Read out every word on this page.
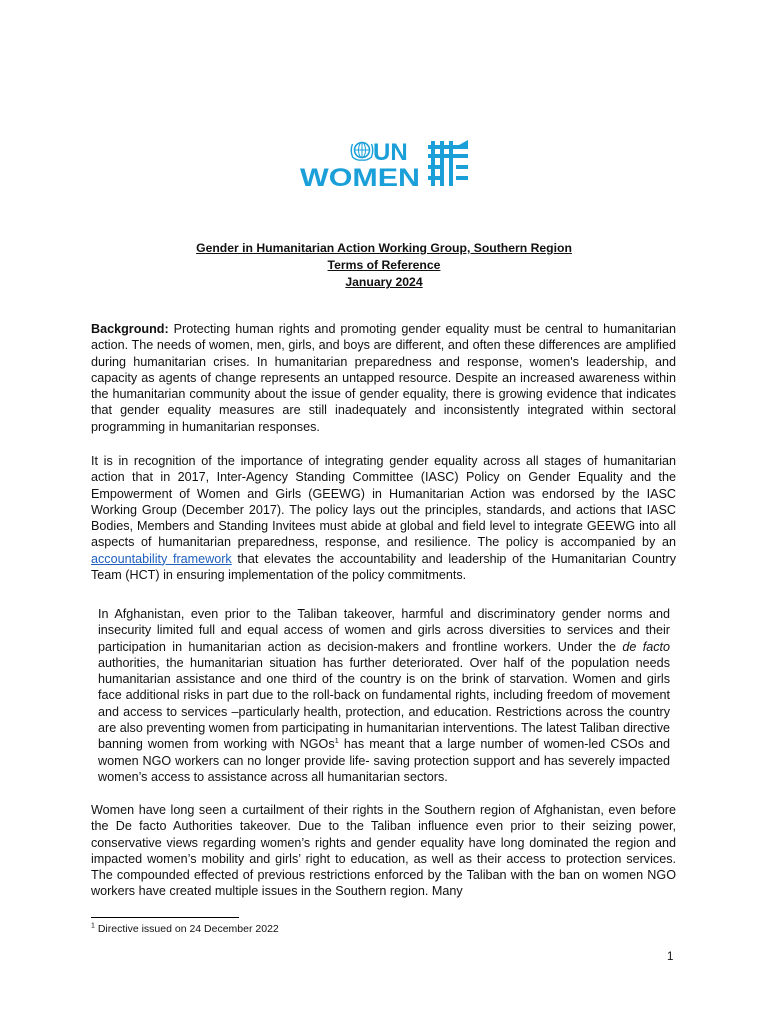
UN
WOMEN

Gender in Humanitarian Action Working Group, Southern Region

Terms of Reference

January 2024

Background: Protecting human rights and promoting gender equality must be central to humanitarian action. The needs of women, men, girls, and boys are different, and often these differences are amplified during humanitarian crises. In humanitarian preparedness and response, women's leadership, and capacity as agents of change represents an untapped resource. Despite an increased awareness within the humanitarian community about the issue of gender equality, there is growing evidence that indicates that gender equality measures are still inadequately and inconsistently integrated within sectoral programming in humanitarian responses.

It is in recognition of the importance of integrating gender equality across all stages of humanitarian action that in 2017, Inter-Agency Standing Committee (IASC) Policy on Gender Equality and the Empowerment of Women and Girls (GEEWG) in Humanitarian Action was endorsed by the IASC Working Group (December 2017). The policy lays out the principles, standards, and actions that IASC Bodies, Members and Standing Invitees must abide at global and field level to integrate GEEWG into all aspects of humanitarian preparedness, response, and resilience. The policy is accompanied by an accountability framework that elevates the accountability and leadership of the Humanitarian Country Team (HCT) in ensuring implementation of the policy commitments.

In Afghanistan, even prior to the Taliban takeover, harmful and discriminatory gender norms and insecurity limited full and equal access of women and girls across diversities to services and their participation in humanitarian action as decision-makers and frontline workers. Under the de facto authorities, the humanitarian situation has further deteriorated. Over half of the population needs humanitarian assistance and one third of the country is on the brink of starvation. Women and girls face additional risks in part due to the roll-back on fundamental rights, including freedom of movement and access to services –particularly health, protection, and education. Restrictions across the country are also preventing women from participating in humanitarian interventions. The latest Taliban directive banning women from working with NGOs$^1$ has meant that a large number of women-led CSOs and women NGO workers can no longer provide life- saving protection support and has severely impacted women’s access to assistance across all humanitarian sectors.

Women have long seen a curtailment of their rights in the Southern region of Afghanistan, even before the De facto Authorities takeover. Due to the Taliban influence even prior to their seizing power, conservative views regarding women’s rights and gender equality have long dominated the region and impacted women’s mobility and girls’ right to education, as well as their access to protection services. The compounded effected of previous restrictions enforced by the Taliban with the ban on women NGO workers have created multiple issues in the Southern region. Many

$^1$ Directive issued on 24 December 2022
1
